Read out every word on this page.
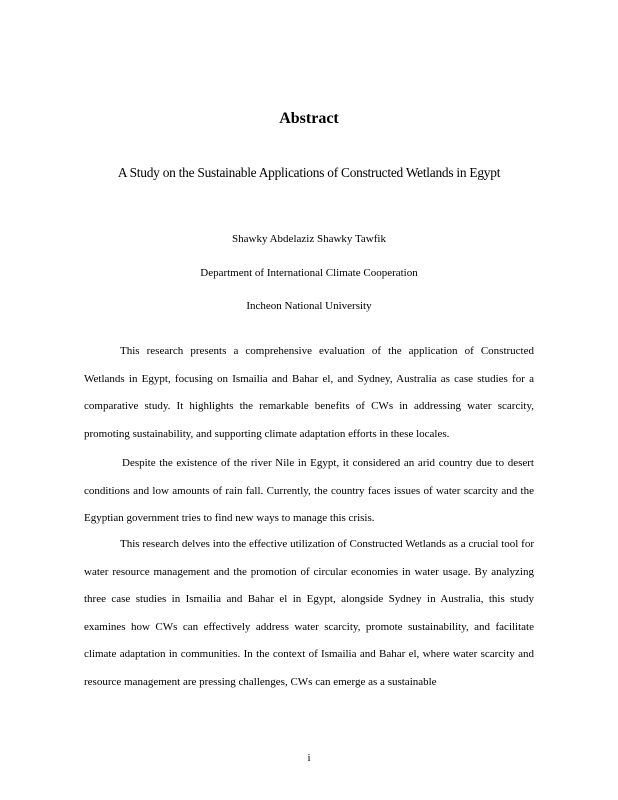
Abstract
A Study on the Sustainable Applications of Constructed Wetlands in Egypt
Shawky Abdelaziz Shawky Tawfik
Department of International Climate Cooperation
Incheon National University

This research presents a comprehensive evaluation of the application of Constructed Wetlands in Egypt, focusing on Ismailia and Bahar el, and Sydney, Australia as case studies for a comparative study. It highlights the remarkable benefits of CWs in addressing water scarcity, promoting sustainability, and supporting climate adaptation efforts in these locales.

Despite the existence of the river Nile in Egypt, it considered an arid country due to desert conditions and low amounts of rain fall. Currently, the country faces issues of water scarcity and the Egyptian government tries to find new ways to manage this crisis.

This research delves into the effective utilization of Constructed Wetlands as a crucial tool for water resource management and the promotion of circular economies in water usage. By analyzing three case studies in Ismailia and Bahar el in Egypt, alongside Sydney in Australia, this study examines how CWs can effectively address water scarcity, promote sustainability, and facilitate climate adaptation in communities. In the context of Ismailia and Bahar el, where water scarcity and resource management are pressing challenges, CWs can emerge as a sustainable

i
